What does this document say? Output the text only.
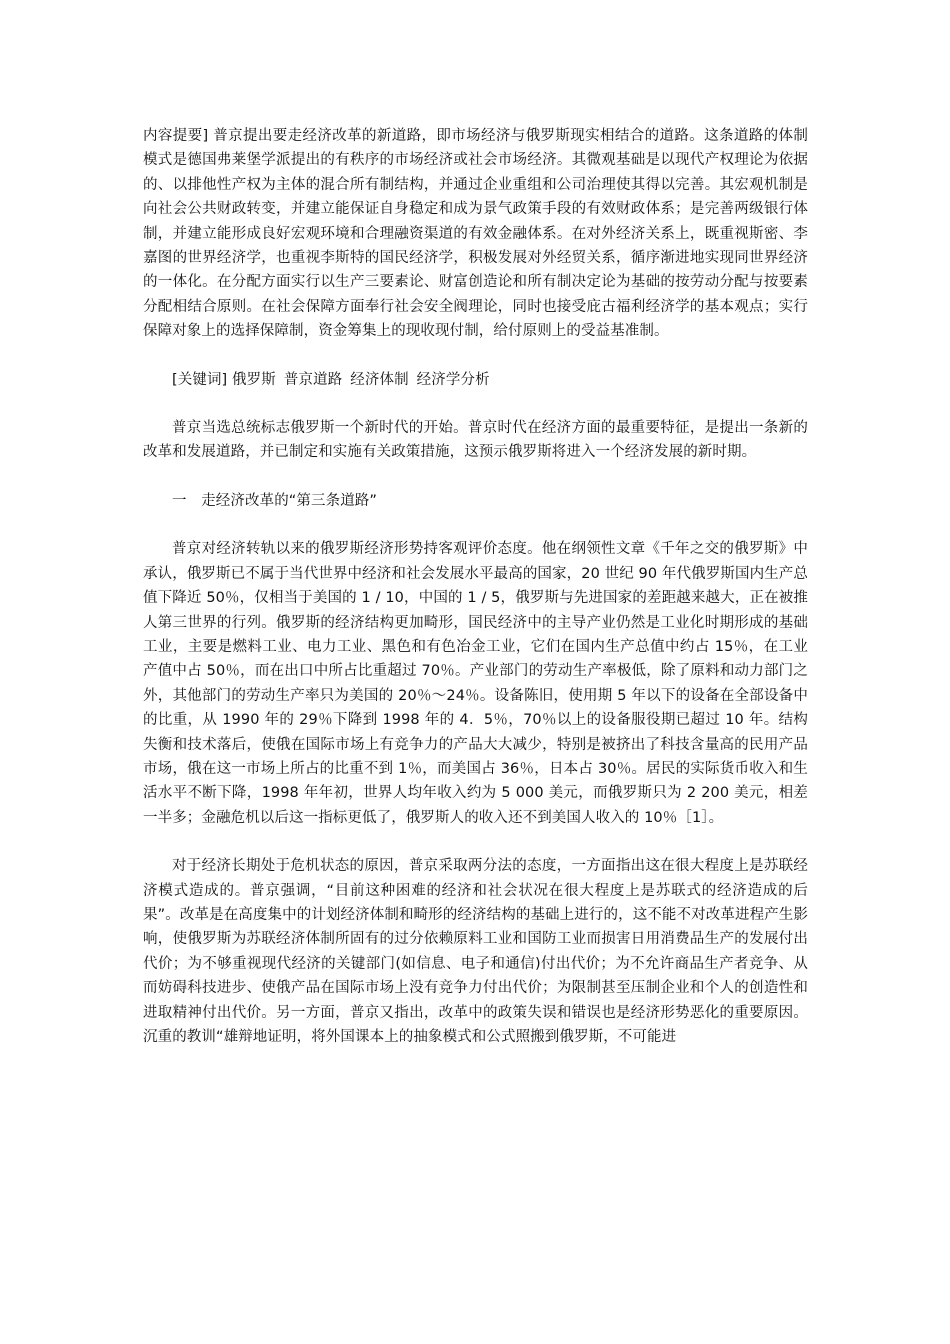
内容提要] 普京提出要走经济改革的新道路，即市场经济与俄罗斯现实相结合的道路。这条道路的体制模式是德国弗莱堡学派提出的有秩序的市场经济或社会市场经济。其微观基础是以现代产权理论为依据的、以排他性产权为主体的混合所有制结构，并通过企业重组和公司治理使其得以完善。其宏观机制是向社会公共财政转变，并建立能保证自身稳定和成为景气政策手段的有效财政体系；是完善两级银行体制，并建立能形成良好宏观环境和合理融资渠道的有效金融体系。在对外经济关系上，既重视斯密、李嘉图的世界经济学，也重视李斯特的国民经济学，积极发展对外经贸关系，循序渐进地实现同世界经济的一体化。在分配方面实行以生产三要素论、财富创造论和所有制决定论为基础的按劳动分配与按要素分配相结合原则。在社会保障方面奉行社会安全阀理论，同时也接受庇古福利经济学的基本观点；实行保障对象上的选择保障制，资金筹集上的现收现付制，给付原则上的受益基准制。

[关键词] 俄罗斯 普京道路 经济体制 经济学分析

普京当选总统标志俄罗斯一个新时代的开始。普京时代在经济方面的最重要特征，是提出一条新的改革和发展道路，并已制定和实施有关政策措施，这预示俄罗斯将进入一个经济发展的新时期。

一　走经济改革的“第三条道路”

普京对经济转轨以来的俄罗斯经济形势持客观评价态度。他在纲领性文章《千年之交的俄罗斯》中承认，俄罗斯已不属于当代世界中经济和社会发展水平最高的国家，20 世纪 90 年代俄罗斯国内生产总值下降近 50％，仅相当于美国的 1 / 10，中国的 1 / 5，俄罗斯与先进国家的差距越来越大，正在被推人第三世界的行列。俄罗斯的经济结构更加畸形，国民经济中的主导产业仍然是工业化时期形成的基础工业，主要是燃料工业、电力工业、黑色和有色冶金工业，它们在国内生产总值中约占 15％，在工业产值中占 50％，而在出口中所占比重超过 70％。产业部门的劳动生产率极低，除了原料和动力部门之外，其他部门的劳动生产率只为美国的 20％～24％。设备陈旧，使用期 5 年以下的设备在全部设备中的比重，从 1990 年的 29％下降到 1998 年的 4．5％，70％以上的设备服役期已超过 10 年。结构失衡和技术落后，使俄在国际市场上有竞争力的产品大大减少，特别是被挤出了科技含量高的民用产品市场，俄在这一市场上所占的比重不到 1％，而美国占 36％，日本占 30％。居民的实际货币收入和生活水平不断下降，1998 年年初，世界人均年收入约为 5 000 美元，而俄罗斯只为 2 200 美元，相差一半多；金融危机以后这一指标更低了，俄罗斯人的收入还不到美国人收入的 10％［1］。

对于经济长期处于危机状态的原因，普京采取两分法的态度，一方面指出这在很大程度上是苏联经济模式造成的。普京强调，“目前这种困难的经济和社会状况在很大程度上是苏联式的经济造成的后果”。改革是在高度集中的计划经济体制和畸形的经济结构的基础上进行的，这不能不对改革进程产生影响，使俄罗斯为苏联经济体制所固有的过分依赖原料工业和国防工业而损害日用消费品生产的发展付出代价；为不够重视现代经济的关键部门(如信息、电子和通信)付出代价；为不允许商品生产者竞争、从而妨碍科技进步、使俄产品在国际市场上没有竞争力付出代价；为限制甚至压制企业和个人的创造性和进取精神付出代价。另一方面，普京又指出，改革中的政策失误和错误也是经济形势恶化的重要原因。沉重的教训“雄辩地证明，将外国课本上的抽象模式和公式照搬到俄罗斯，不可能进
